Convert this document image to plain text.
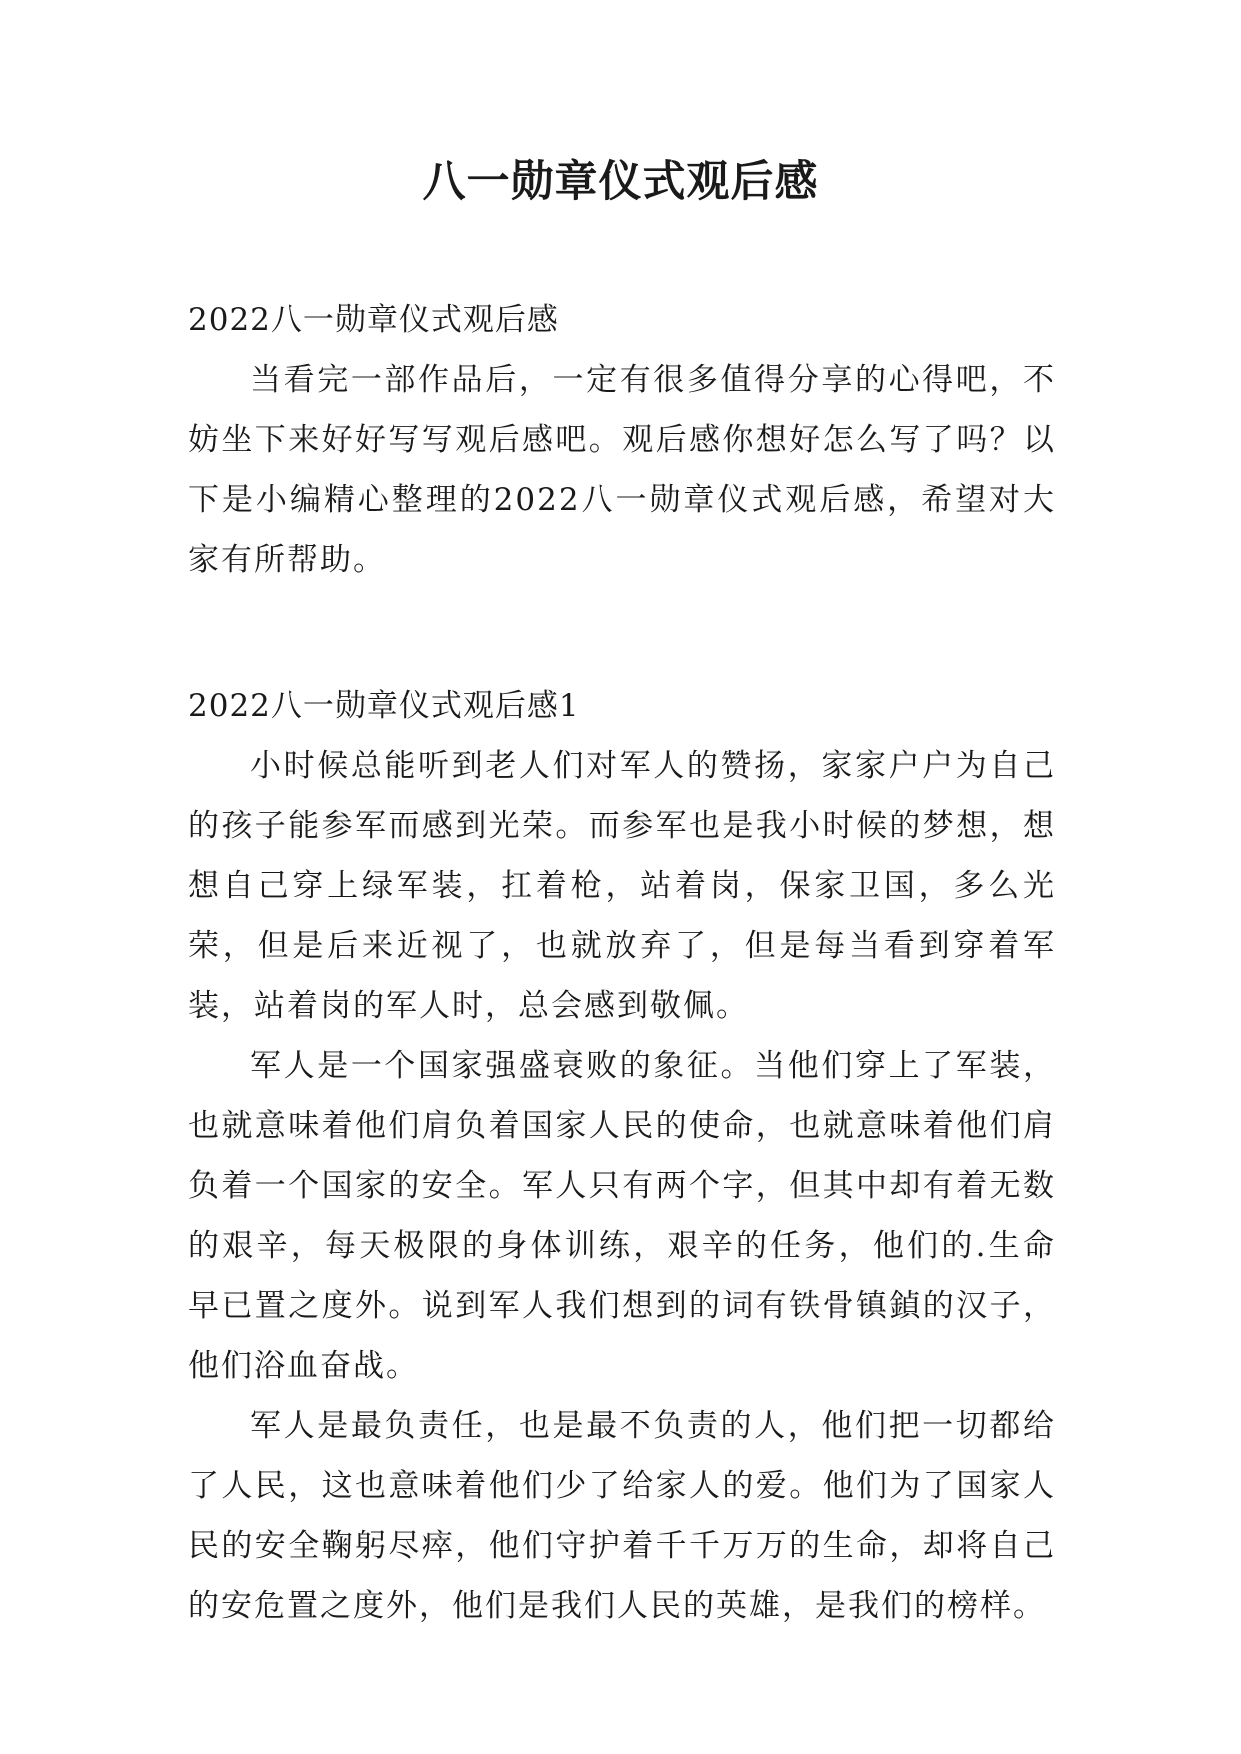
八一勋章仪式观后感

2022八一勋章仪式观后感

当看完一部作品后，一定有很多值得分享的心得吧，不妨坐下来好好写写观后感吧。观后感你想好怎么写了吗？以下是小编精心整理的2022八一勋章仪式观后感，希望对大家有所帮助。

2022八一勋章仪式观后感1

小时候总能听到老人们对军人的赞扬，家家户户为自己的孩子能参军而感到光荣。而参军也是我小时候的梦想，想想自己穿上绿军装，扛着枪，站着岗，保家卫国，多么光荣，但是后来近视了，也就放弃了，但是每当看到穿着军装，站着岗的军人时，总会感到敬佩。

军人是一个国家强盛衰败的象征。当他们穿上了军装，也就意味着他们肩负着国家人民的使命，也就意味着他们肩负着一个国家的安全。军人只有两个字，但其中却有着无数的艰辛，每天极限的身体训练，艰辛的任务，他们的.生命早已置之度外。说到军人我们想到的词有铁骨镇鍞的汉子，他们浴血奋战。

军人是最负责任，也是最不负责的人，他们把一切都给了人民，这也意味着他们少了给家人的爱。他们为了国家人民的安全鞠躬尽瘁，他们守护着千千万万的生命，却将自己的安危置之度外，他们是我们人民的英雄，是我们的榜样。
